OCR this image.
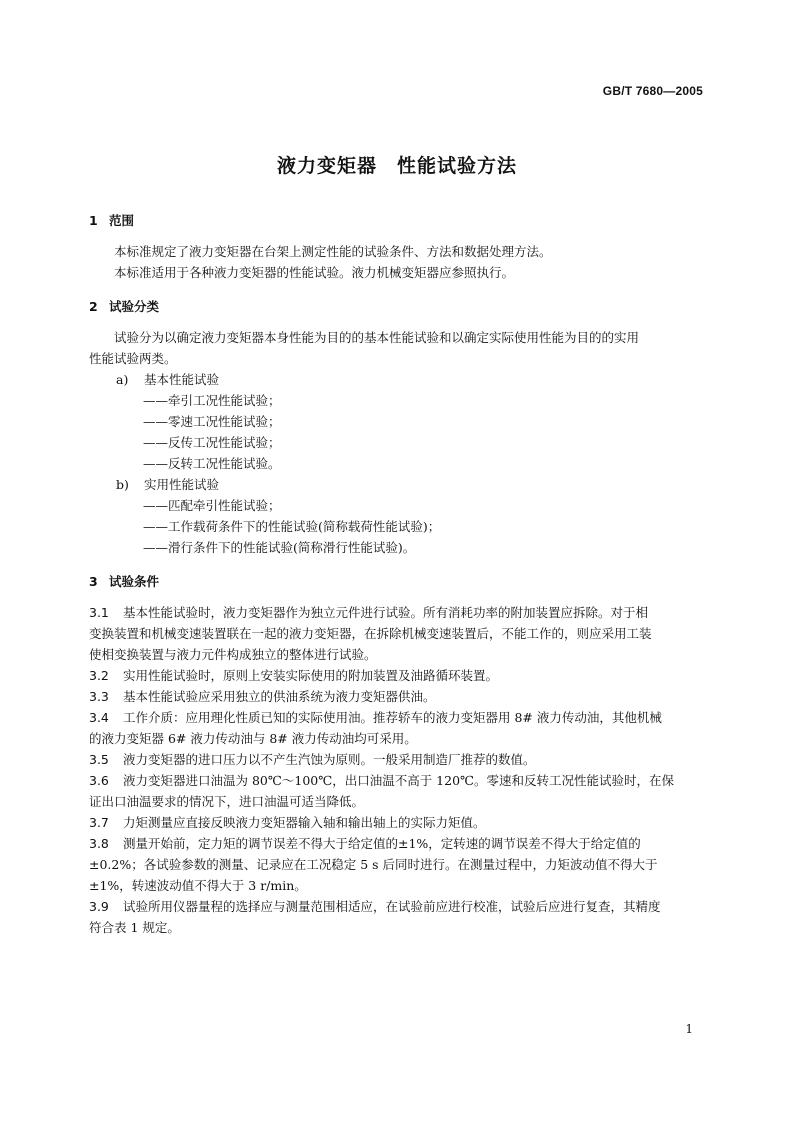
GB/T 7680—2005
液力变矩器　性能试验方法
1 范围

本标准规定了液力变矩器在台架上测定性能的试验条件、方法和数据处理方法。

本标准适用于各种液力变矩器的性能试验。液力机械变矩器应参照执行。

2 试验分类

试验分为以确定液力变矩器本身性能为目的的基本性能试验和以确定实际使用性能为目的的实用

性能试验两类。

a) 基本性能试验
——牵引工况性能试验；
——零速工况性能试验；
——反传工况性能试验；
——反转工况性能试验。
b) 实用性能试验
——匹配牵引性能试验；
——工作载荷条件下的性能试验(简称载荷性能试验)；
——滑行条件下的性能试验(简称滑行性能试验)。
3 试验条件

3.1 基本性能试验时，液力变矩器作为独立元件进行试验。所有消耗功率的附加装置应拆除。对于相

变换装置和机械变速装置联在一起的液力变矩器，在拆除机械变速装置后，不能工作的，则应采用工装

使相变换装置与液力元件构成独立的整体进行试验。

3.2 实用性能试验时，原则上安装实际使用的附加装置及油路循环装置。

3.3 基本性能试验应采用独立的供油系统为液力变矩器供油。

3.4 工作介质：应用理化性质已知的实际使用油。推荐轿车的液力变矩器用 8# 液力传动油，其他机械

的液力变矩器 6# 液力传动油与 8# 液力传动油均可采用。

3.5 液力变矩器的进口压力以不产生汽蚀为原则。一般采用制造厂推荐的数值。

3.6 液力变矩器进口油温为 80℃～100℃，出口油温不高于 120℃。零速和反转工况性能试验时，在保

证出口油温要求的情况下，进口油温可适当降低。

3.7 力矩测量应直接反映液力变矩器输入轴和输出轴上的实际力矩值。

3.8 测量开始前，定力矩的调节误差不得大于给定值的±1%，定转速的调节误差不得大于给定值的

±0.2%；各试验参数的测量、记录应在工况稳定 5 s 后同时进行。在测量过程中，力矩波动值不得大于

±1%，转速波动值不得大于 3 r/min。

3.9 试验所用仪器量程的选择应与测量范围相适应，在试验前应进行校准，试验后应进行复查，其精度

符合表 1 规定。

1
